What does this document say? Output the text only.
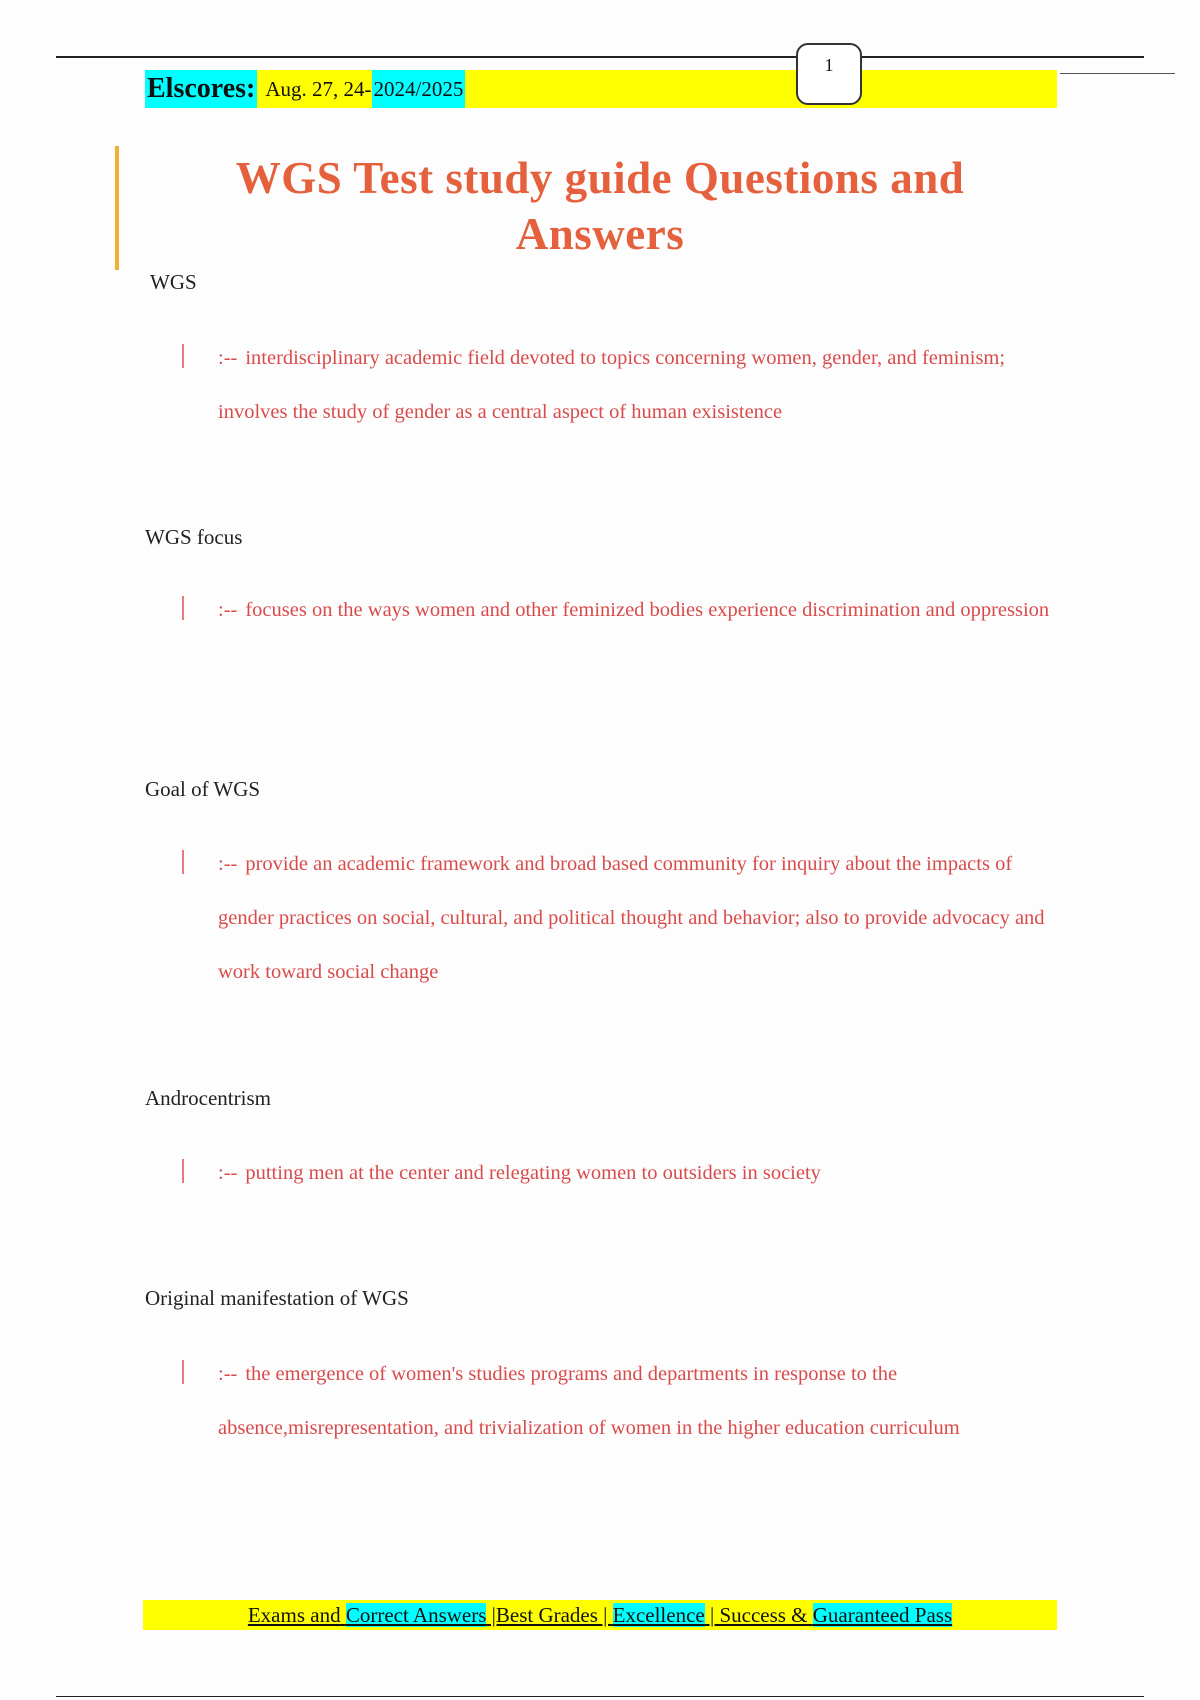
Elscores: Aug. 27, 24- 2024/2025
1
WGS Test study guide Questions and Answers
WGS
:-- interdisciplinary academic field devoted to topics concerning women, gender, and feminism; involves the study of gender as a central aspect of human exisistence
WGS focus
:-- focuses on the ways women and other feminized bodies experience discrimination and oppression
Goal of WGS
:-- provide an academic framework and broad based community for inquiry about the impacts of gender practices on social, cultural, and political thought and behavior; also to provide advocacy and work toward social change
Androcentrism
:-- putting men at the center and relegating women to outsiders in society
Original manifestation of WGS
:-- the emergence of women's studies programs and departments in response to the absence,misrepresentation, and trivialization of women in the higher education curriculum
Exams and Correct Answers |Best Grades | Excellence | Success & Guaranteed Pass
